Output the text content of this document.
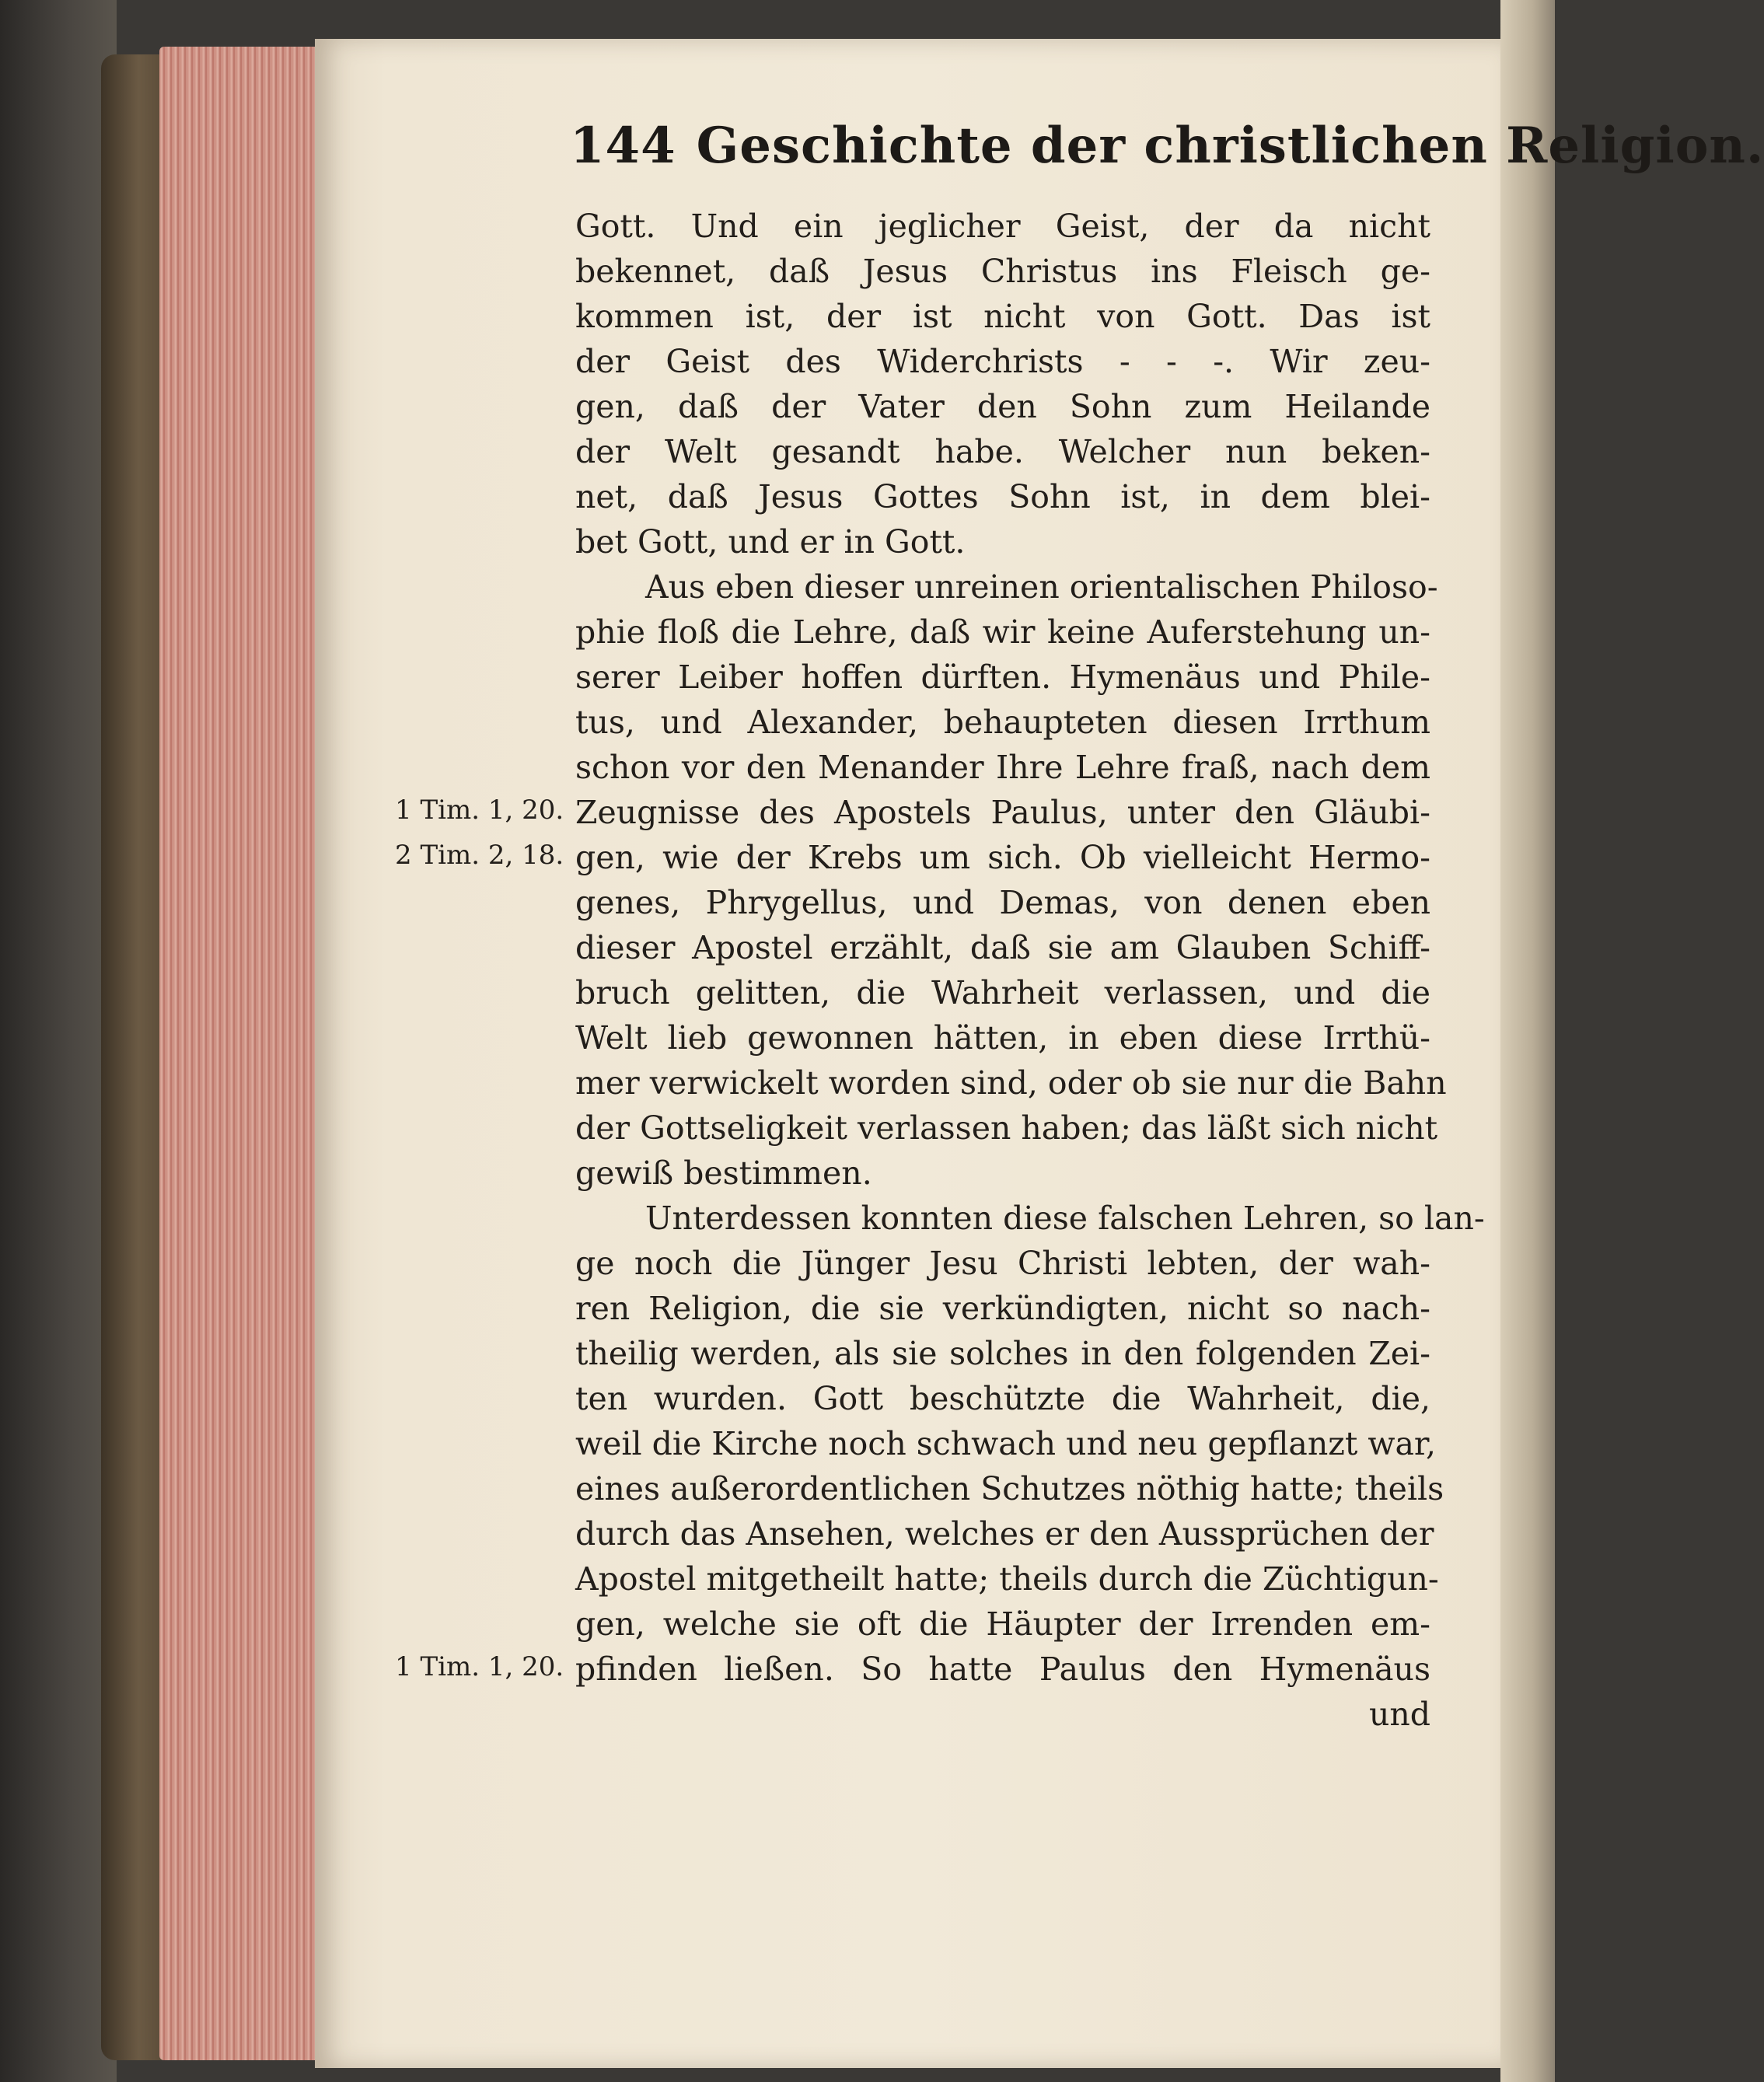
144 Geschichte der christlichen Religion.
Gott. Und ein jeglicher Geist, der da nicht
bekennet, daß Jesus Christus ins Fleisch ge-
kommen ist, der ist nicht von Gott. Das ist
der Geist des Widerchrists - - -. Wir zeu-
gen, daß der Vater den Sohn zum Heilande
der Welt gesandt habe. Welcher nun beken-
net, daß Jesus Gottes Sohn ist, in dem blei-
bet Gott, und er in Gott.
Aus eben dieser unreinen orientalischen Philoso-
phie floß die Lehre, daß wir keine Auferstehung un-
serer Leiber hoffen dürften. Hymenäus und Phile-
tus, und Alexander, behaupteten diesen Irrthum
schon vor den Menander Ihre Lehre fraß, nach dem
Zeugnisse des Apostels Paulus, unter den Gläubi-
gen, wie der Krebs um sich. Ob vielleicht Hermo-
genes, Phrygellus, und Demas, von denen eben
dieser Apostel erzählt, daß sie am Glauben Schiff-
bruch gelitten, die Wahrheit verlassen, und die
Welt lieb gewonnen hätten, in eben diese Irrthü-
mer verwickelt worden sind, oder ob sie nur die Bahn
der Gottseligkeit verlassen haben; das läßt sich nicht
gewiß bestimmen.
Unterdessen konnten diese falschen Lehren, so lan-
ge noch die Jünger Jesu Christi lebten, der wah-
ren Religion, die sie verkündigten, nicht so nach-
theilig werden, als sie solches in den folgenden Zei-
ten wurden. Gott beschützte die Wahrheit, die,
weil die Kirche noch schwach und neu gepflanzt war,
eines außerordentlichen Schutzes nöthig hatte; theils
durch das Ansehen, welches er den Aussprüchen der
Apostel mitgetheilt hatte; theils durch die Züchtigun-
gen, welche sie oft die Häupter der Irrenden em-
pfinden ließen. So hatte Paulus den Hymenäus
und
1 Tim. 1, 20.
2 Tim. 2, 18.
1 Tim. 1, 20.
